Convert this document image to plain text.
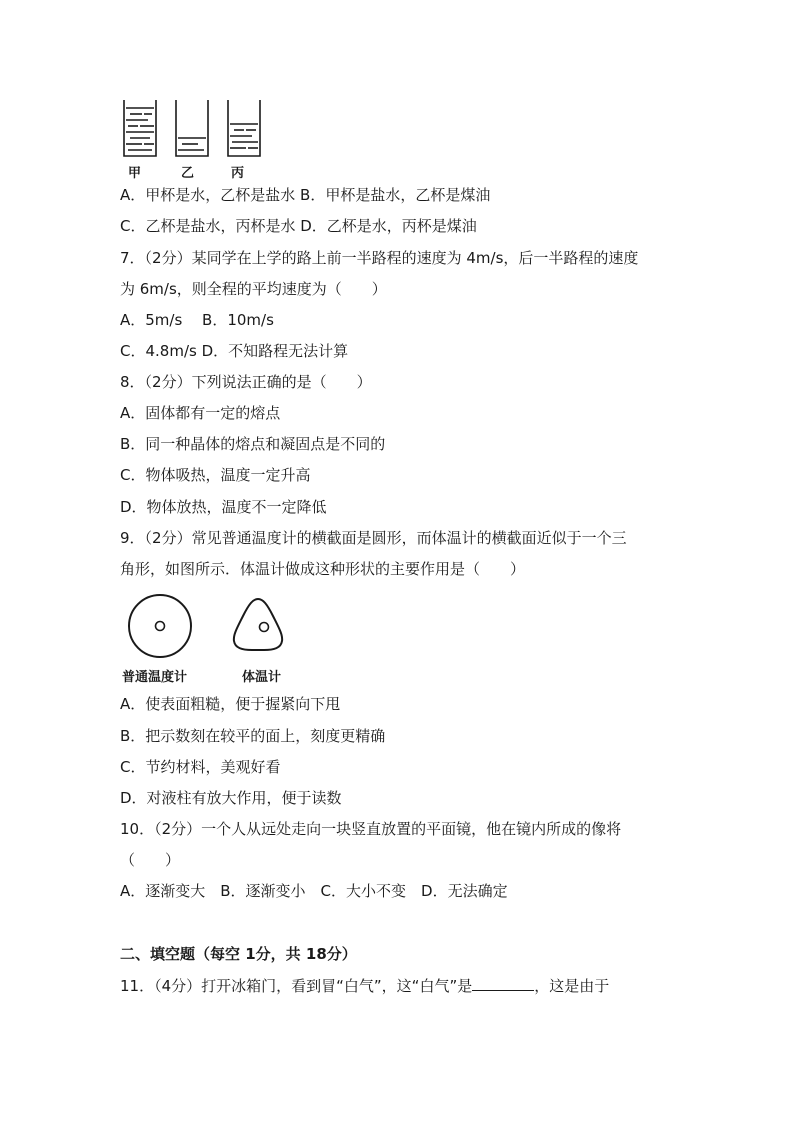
甲	乙	丙
A．甲杯是水，乙杯是盐水 B．甲杯是盐水，乙杯是煤油
C．乙杯是盐水，丙杯是水 D．乙杯是水，丙杯是煤油
7．（2分）某同学在上学的路上前一半路程的速度为 4m/s，后一半路程的速度
为 6m/s，则全程的平均速度为（　　）
A．5m/s　 B．10m/s
C．4.8m/s D．不知路程无法计算
8．（2分）下列说法正确的是（　　）
A．固体都有一定的熔点
B．同一种晶体的熔点和凝固点是不同的
C．物体吸热，温度一定升高
D．物体放热，温度不一定降低
9．（2分）常见普通温度计的横截面是圆形，而体温计的横截面近似于一个三
角形，如图所示．体温计做成这种形状的主要作用是（　　）
普通温度计	体温计
A．使表面粗糙，便于握紧向下甩
B．把示数刻在较平的面上，刻度更精确
C．节约材料，美观好看
D．对液柱有放大作用，便于读数
10．（2分）一个人从远处走向一块竖直放置的平面镜，他在镜内所成的像将
（　　）
A．逐渐变大　B．逐渐变小　C．大小不变　D．无法确定
二、填空题（每空 1分，共 18分）
11．（4分）打开冰箱门，看到冒“白气”，这“白气”是	，这是由于
